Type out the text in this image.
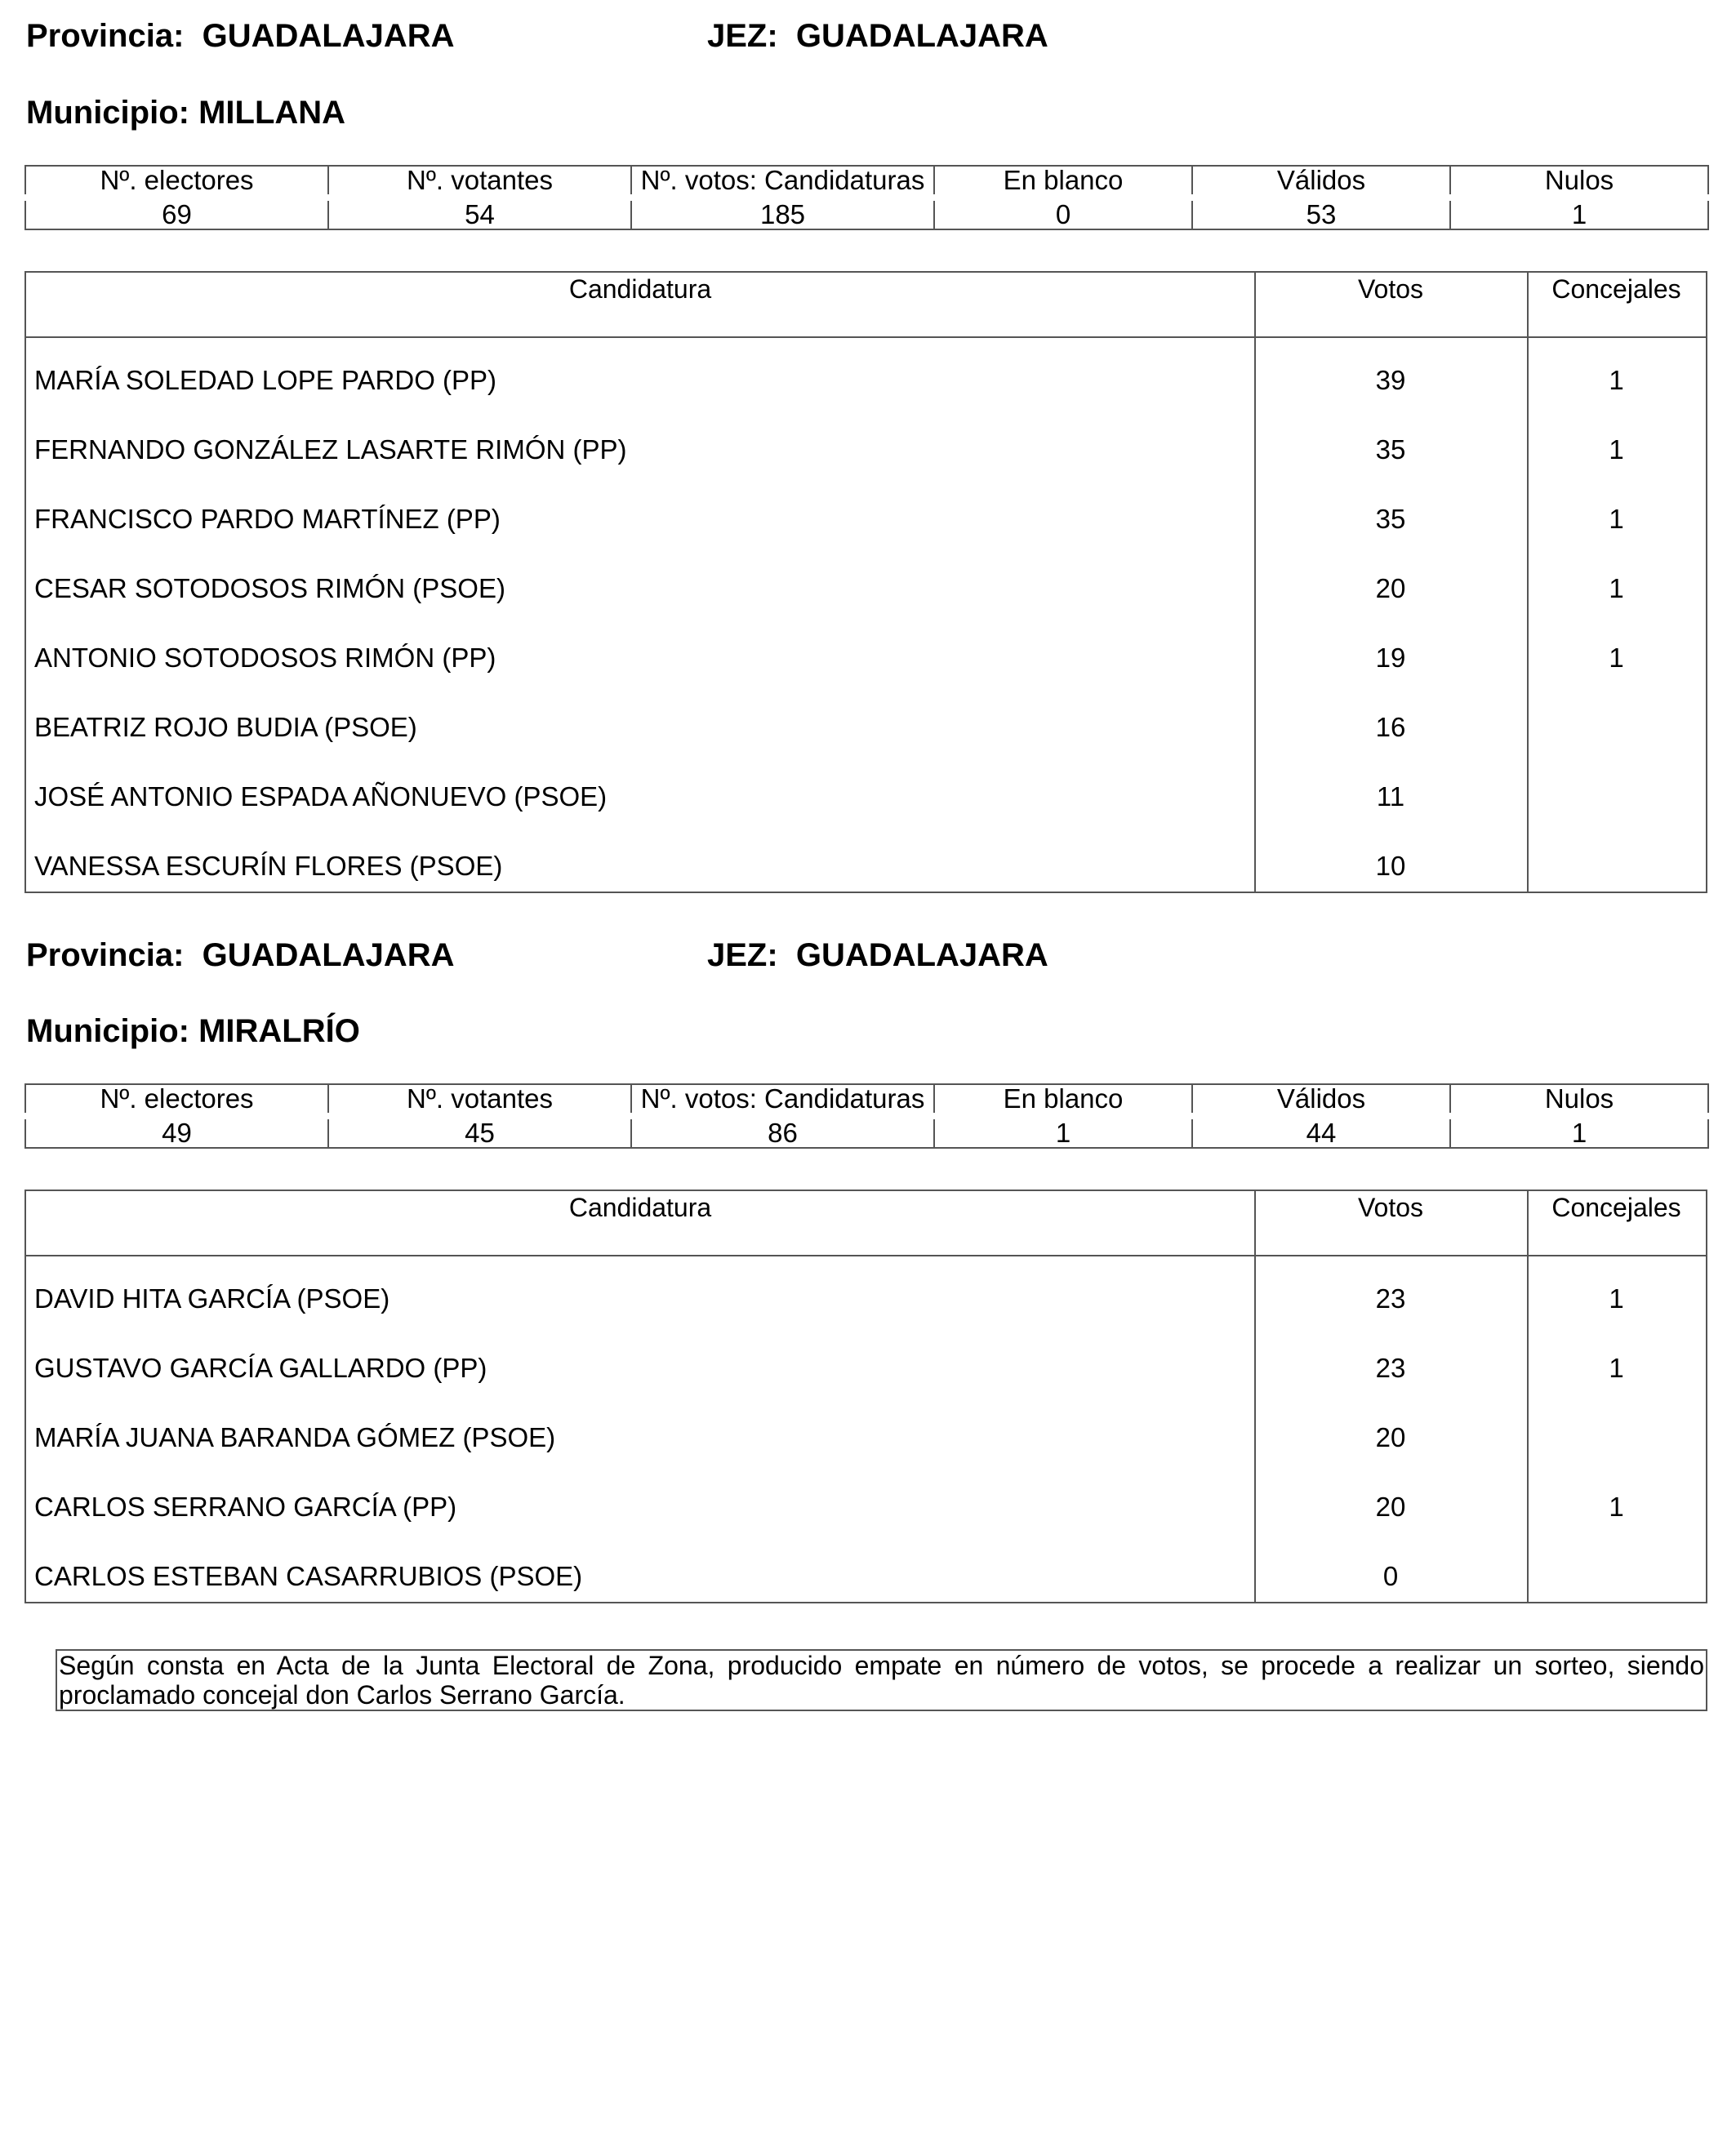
Provincia: GUADALAJARA	JEZ: GUADALAJARA
Municipio: MILLANA
Nº. electores	Nº. votantes	Nº. votos: Candidaturas	En blanco	Válidos	Nulos
69	54	185	0	53	1
Candidatura	Votos	Concejales
MARÍA SOLEDAD LOPE PARDO (PP)	39	1
FERNANDO GONZÁLEZ LASARTE RIMÓN (PP)	35	1
FRANCISCO PARDO MARTÍNEZ (PP)	35	1
CESAR SOTODOSOS RIMÓN (PSOE)	20	1
ANTONIO SOTODOSOS RIMÓN (PP)	19	1
BEATRIZ ROJO BUDIA (PSOE)	16
JOSÉ ANTONIO ESPADA AÑONUEVO (PSOE)	11
VANESSA ESCURÍN FLORES (PSOE)	10
Provincia: GUADALAJARA	JEZ: GUADALAJARA
Municipio: MIRALRÍO
Nº. electores	Nº. votantes	Nº. votos: Candidaturas	En blanco	Válidos	Nulos
49	45	86	1	44	1
Candidatura	Votos	Concejales
DAVID HITA GARCÍA (PSOE)	23	1
GUSTAVO GARCÍA GALLARDO (PP)	23	1
MARÍA JUANA BARANDA GÓMEZ (PSOE)	20
CARLOS SERRANO GARCÍA (PP)	20	1
CARLOS ESTEBAN CASARRUBIOS (PSOE)	0
Según consta en Acta de la Junta Electoral de Zona, producido empate en número de votos, se procede a realizar un sorteo, siendo proclamado concejal don Carlos Serrano García.
